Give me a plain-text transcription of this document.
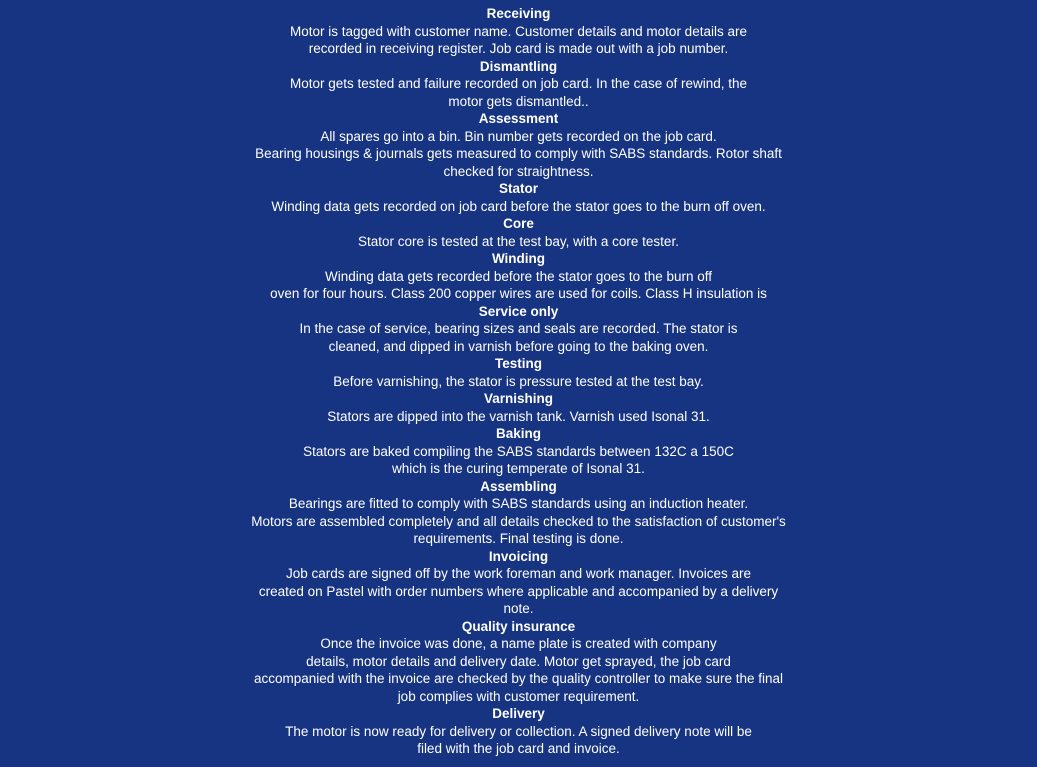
Receiving

Motor is tagged with customer name. Customer details and motor details are

recorded in receiving register. Job card is made out with a job number.

Dismantling

Motor gets tested and failure recorded on job card. In the case of rewind, the

motor gets dismantled..

Assessment

All spares go into a bin. Bin number gets recorded on the job card.

Bearing housings & journals gets measured to comply with SABS standards. Rotor shaft

checked for straightness.

Stator

Winding data gets recorded on job card before the stator goes to the burn off oven.

Core

Stator core is tested at the test bay, with a core tester.

Winding

Winding data gets recorded before the stator goes to the burn off

oven for four hours. Class 200 copper wires are used for coils. Class H insulation is

Service only

In the case of service, bearing sizes and seals are recorded. The stator is

cleaned, and dipped in varnish before going to the baking oven.

Testing

Before varnishing, the stator is pressure tested at the test bay.

Varnishing

Stators are dipped into the varnish tank. Varnish used Isonal 31.

Baking

Stators are baked compiling the SABS standards between 132C a 150C

which is the curing temperate of Isonal 31.

Assembling

Bearings are fitted to comply with SABS standards using an induction heater.

Motors are assembled completely and all details checked to the satisfaction of customer's

requirements. Final testing is done.

Invoicing

Job cards are signed off by the work foreman and work manager. Invoices are

created on Pastel with order numbers where applicable and accompanied by a delivery

note.

Quality insurance

Once the invoice was done, a name plate is created with company

details, motor details and delivery date. Motor get sprayed, the job card

accompanied with the invoice are checked by the quality controller to make sure the final

job complies with customer requirement.

Delivery

The motor is now ready for delivery or collection. A signed delivery note will be

filed with the job card and invoice.
